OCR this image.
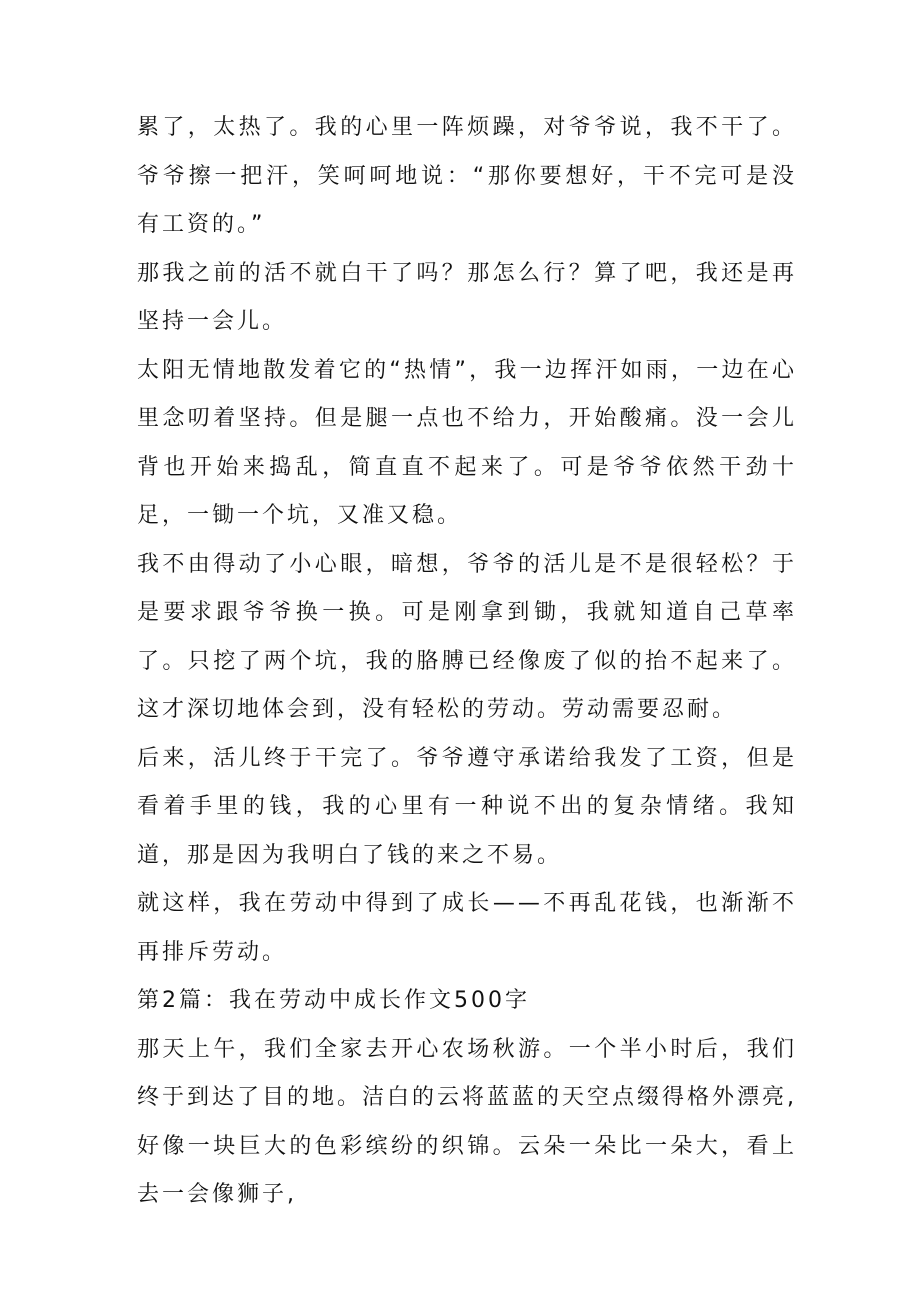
累了，太热了。我的心里一阵烦躁，对爷爷说，我不干了。爷爷擦一把汗，笑呵呵地说：“那你要想好，干不完可是没有工资的。”

那我之前的活不就白干了吗？那怎么行？算了吧，我还是再坚持一会儿。

太阳无情地散发着它的“热情”，我一边挥汗如雨，一边在心里念叨着坚持。但是腿一点也不给力，开始酸痛。没一会儿背也开始来捣乱，简直直不起来了。可是爷爷依然干劲十足，一锄一个坑，又准又稳。

我不由得动了小心眼，暗想，爷爷的活儿是不是很轻松？于是要求跟爷爷换一换。可是刚拿到锄，我就知道自己草率了。只挖了两个坑，我的胳膊已经像废了似的抬不起来了。这才深切地体会到，没有轻松的劳动。劳动需要忍耐。

后来，活儿终于干完了。爷爷遵守承诺给我发了工资，但是看着手里的钱，我的心里有一种说不出的复杂情绪。我知道，那是因为我明白了钱的来之不易。

就这样，我在劳动中得到了成长——不再乱花钱，也渐渐不再排斥劳动。

第2篇：我在劳动中成长作文500字

那天上午，我们全家去开心农场秋游。一个半小时后，我们终于到达了目的地。洁白的云将蓝蓝的天空点缀得格外漂亮,好像一块巨大的色彩缤纷的织锦。云朵一朵比一朵大，看上去一会像狮子,
